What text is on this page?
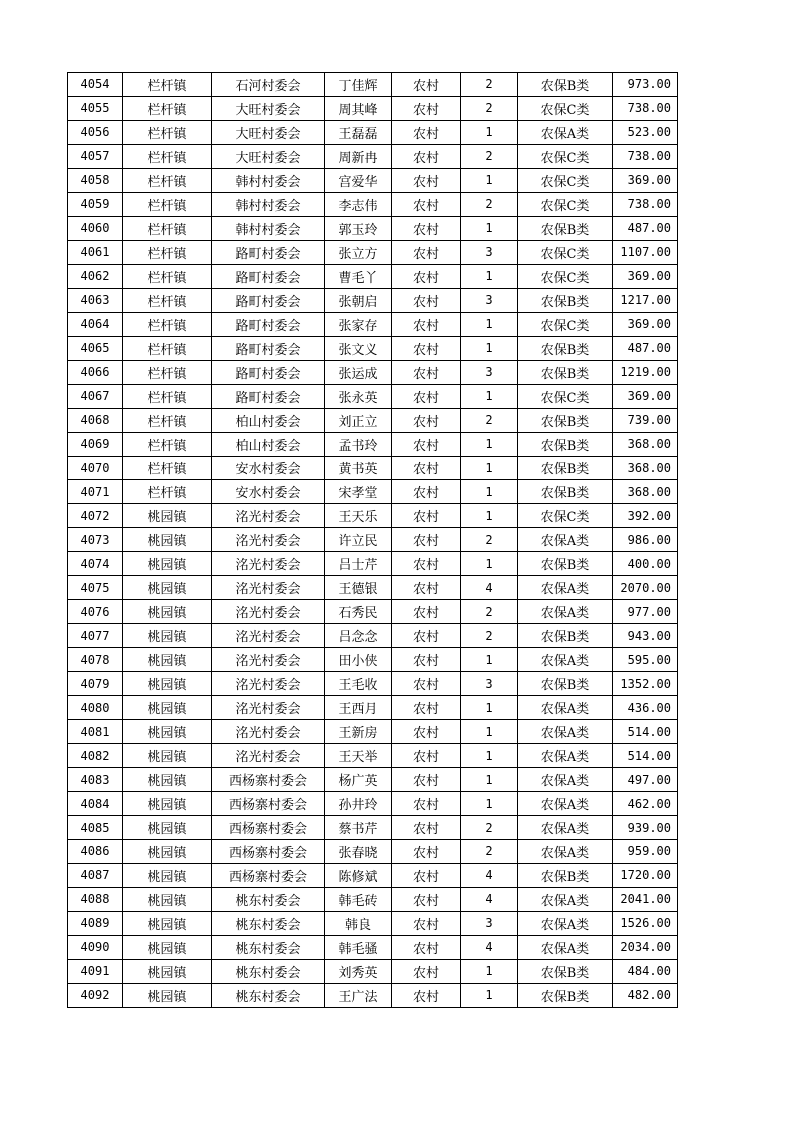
4054	栏杆镇	石河村委会	丁佳辉	农村	2	农保B类	973.00
4055	栏杆镇	大旺村委会	周其峰	农村	2	农保C类	738.00
4056	栏杆镇	大旺村委会	王磊磊	农村	1	农保A类	523.00
4057	栏杆镇	大旺村委会	周新冉	农村	2	农保C类	738.00
4058	栏杆镇	韩村村委会	宫爱华	农村	1	农保C类	369.00
4059	栏杆镇	韩村村委会	李志伟	农村	2	农保C类	738.00
4060	栏杆镇	韩村村委会	郭玉玲	农村	1	农保B类	487.00
4061	栏杆镇	路町村委会	张立方	农村	3	农保C类	1107.00
4062	栏杆镇	路町村委会	曹毛丫	农村	1	农保C类	369.00
4063	栏杆镇	路町村委会	张朝启	农村	3	农保B类	1217.00
4064	栏杆镇	路町村委会	张家存	农村	1	农保C类	369.00
4065	栏杆镇	路町村委会	张文义	农村	1	农保B类	487.00
4066	栏杆镇	路町村委会	张运成	农村	3	农保B类	1219.00
4067	栏杆镇	路町村委会	张永英	农村	1	农保C类	369.00
4068	栏杆镇	柏山村委会	刘正立	农村	2	农保B类	739.00
4069	栏杆镇	柏山村委会	孟书玲	农村	1	农保B类	368.00
4070	栏杆镇	安水村委会	黄书英	农村	1	农保B类	368.00
4071	栏杆镇	安水村委会	宋孝堂	农村	1	农保B类	368.00
4072	桃园镇	洺光村委会	王天乐	农村	1	农保C类	392.00
4073	桃园镇	洺光村委会	许立民	农村	2	农保A类	986.00
4074	桃园镇	洺光村委会	吕士芹	农村	1	农保B类	400.00
4075	桃园镇	洺光村委会	王德银	农村	4	农保A类	2070.00
4076	桃园镇	洺光村委会	石秀民	农村	2	农保A类	977.00
4077	桃园镇	洺光村委会	吕念念	农村	2	农保B类	943.00
4078	桃园镇	洺光村委会	田小侠	农村	1	农保A类	595.00
4079	桃园镇	洺光村委会	王毛收	农村	3	农保B类	1352.00
4080	桃园镇	洺光村委会	王西月	农村	1	农保A类	436.00
4081	桃园镇	洺光村委会	王新房	农村	1	农保A类	514.00
4082	桃园镇	洺光村委会	王天举	农村	1	农保A类	514.00
4083	桃园镇	西杨寨村委会	杨广英	农村	1	农保A类	497.00
4084	桃园镇	西杨寨村委会	孙井玲	农村	1	农保A类	462.00
4085	桃园镇	西杨寨村委会	蔡书芹	农村	2	农保A类	939.00
4086	桃园镇	西杨寨村委会	张春晓	农村	2	农保A类	959.00
4087	桃园镇	西杨寨村委会	陈修斌	农村	4	农保B类	1720.00
4088	桃园镇	桃东村委会	韩毛砖	农村	4	农保A类	2041.00
4089	桃园镇	桃东村委会	韩良	农村	3	农保A类	1526.00
4090	桃园镇	桃东村委会	韩毛骚	农村	4	农保A类	2034.00
4091	桃园镇	桃东村委会	刘秀英	农村	1	农保B类	484.00
4092	桃园镇	桃东村委会	王广法	农村	1	农保B类	482.00
